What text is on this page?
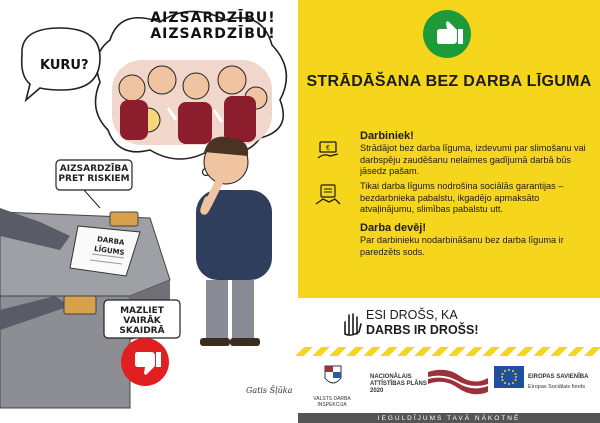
AIZSARDZĪBU! AIZSARDZĪBU!

KURU?

AIZSARDZĪBA PRET RISKIEM

DARBA LĪGUMS

MAZLIET VAIRĀK SKAIDRĀ

Gatis Šļūka

STRĀDĀŠANA BEZ DARBA LĪGUMA

€
Darbiniek!
Strādājot bez darba līguma, izdevumi par slimošanu vai darbspēju zaudēšanu nelaimes gadījumā darbā būs jāsedz pašam.

Tikai darba līgums nodrošina sociālās garantijas – bezdarbnieka pabalstu, ikgadējo apmaksāto atvaļinājumu, slimības pabalstu utt.

Darba devēj!
Par darbinieku nodarbināšanu bez darba līguma ir paredzēts sods.

ESI DROŠS, KA
DARBS IR DROŠS!

VALSTS DARBA INSPEKCIJA

NACIONĀLAIS ATTĪSTĪBAS PLĀNS 2020

EIROPAS SAVIENĪBA

Eiropas Sociālais fonds

IEGULDĪJUMS TAVĀ NĀKOTNĒ
